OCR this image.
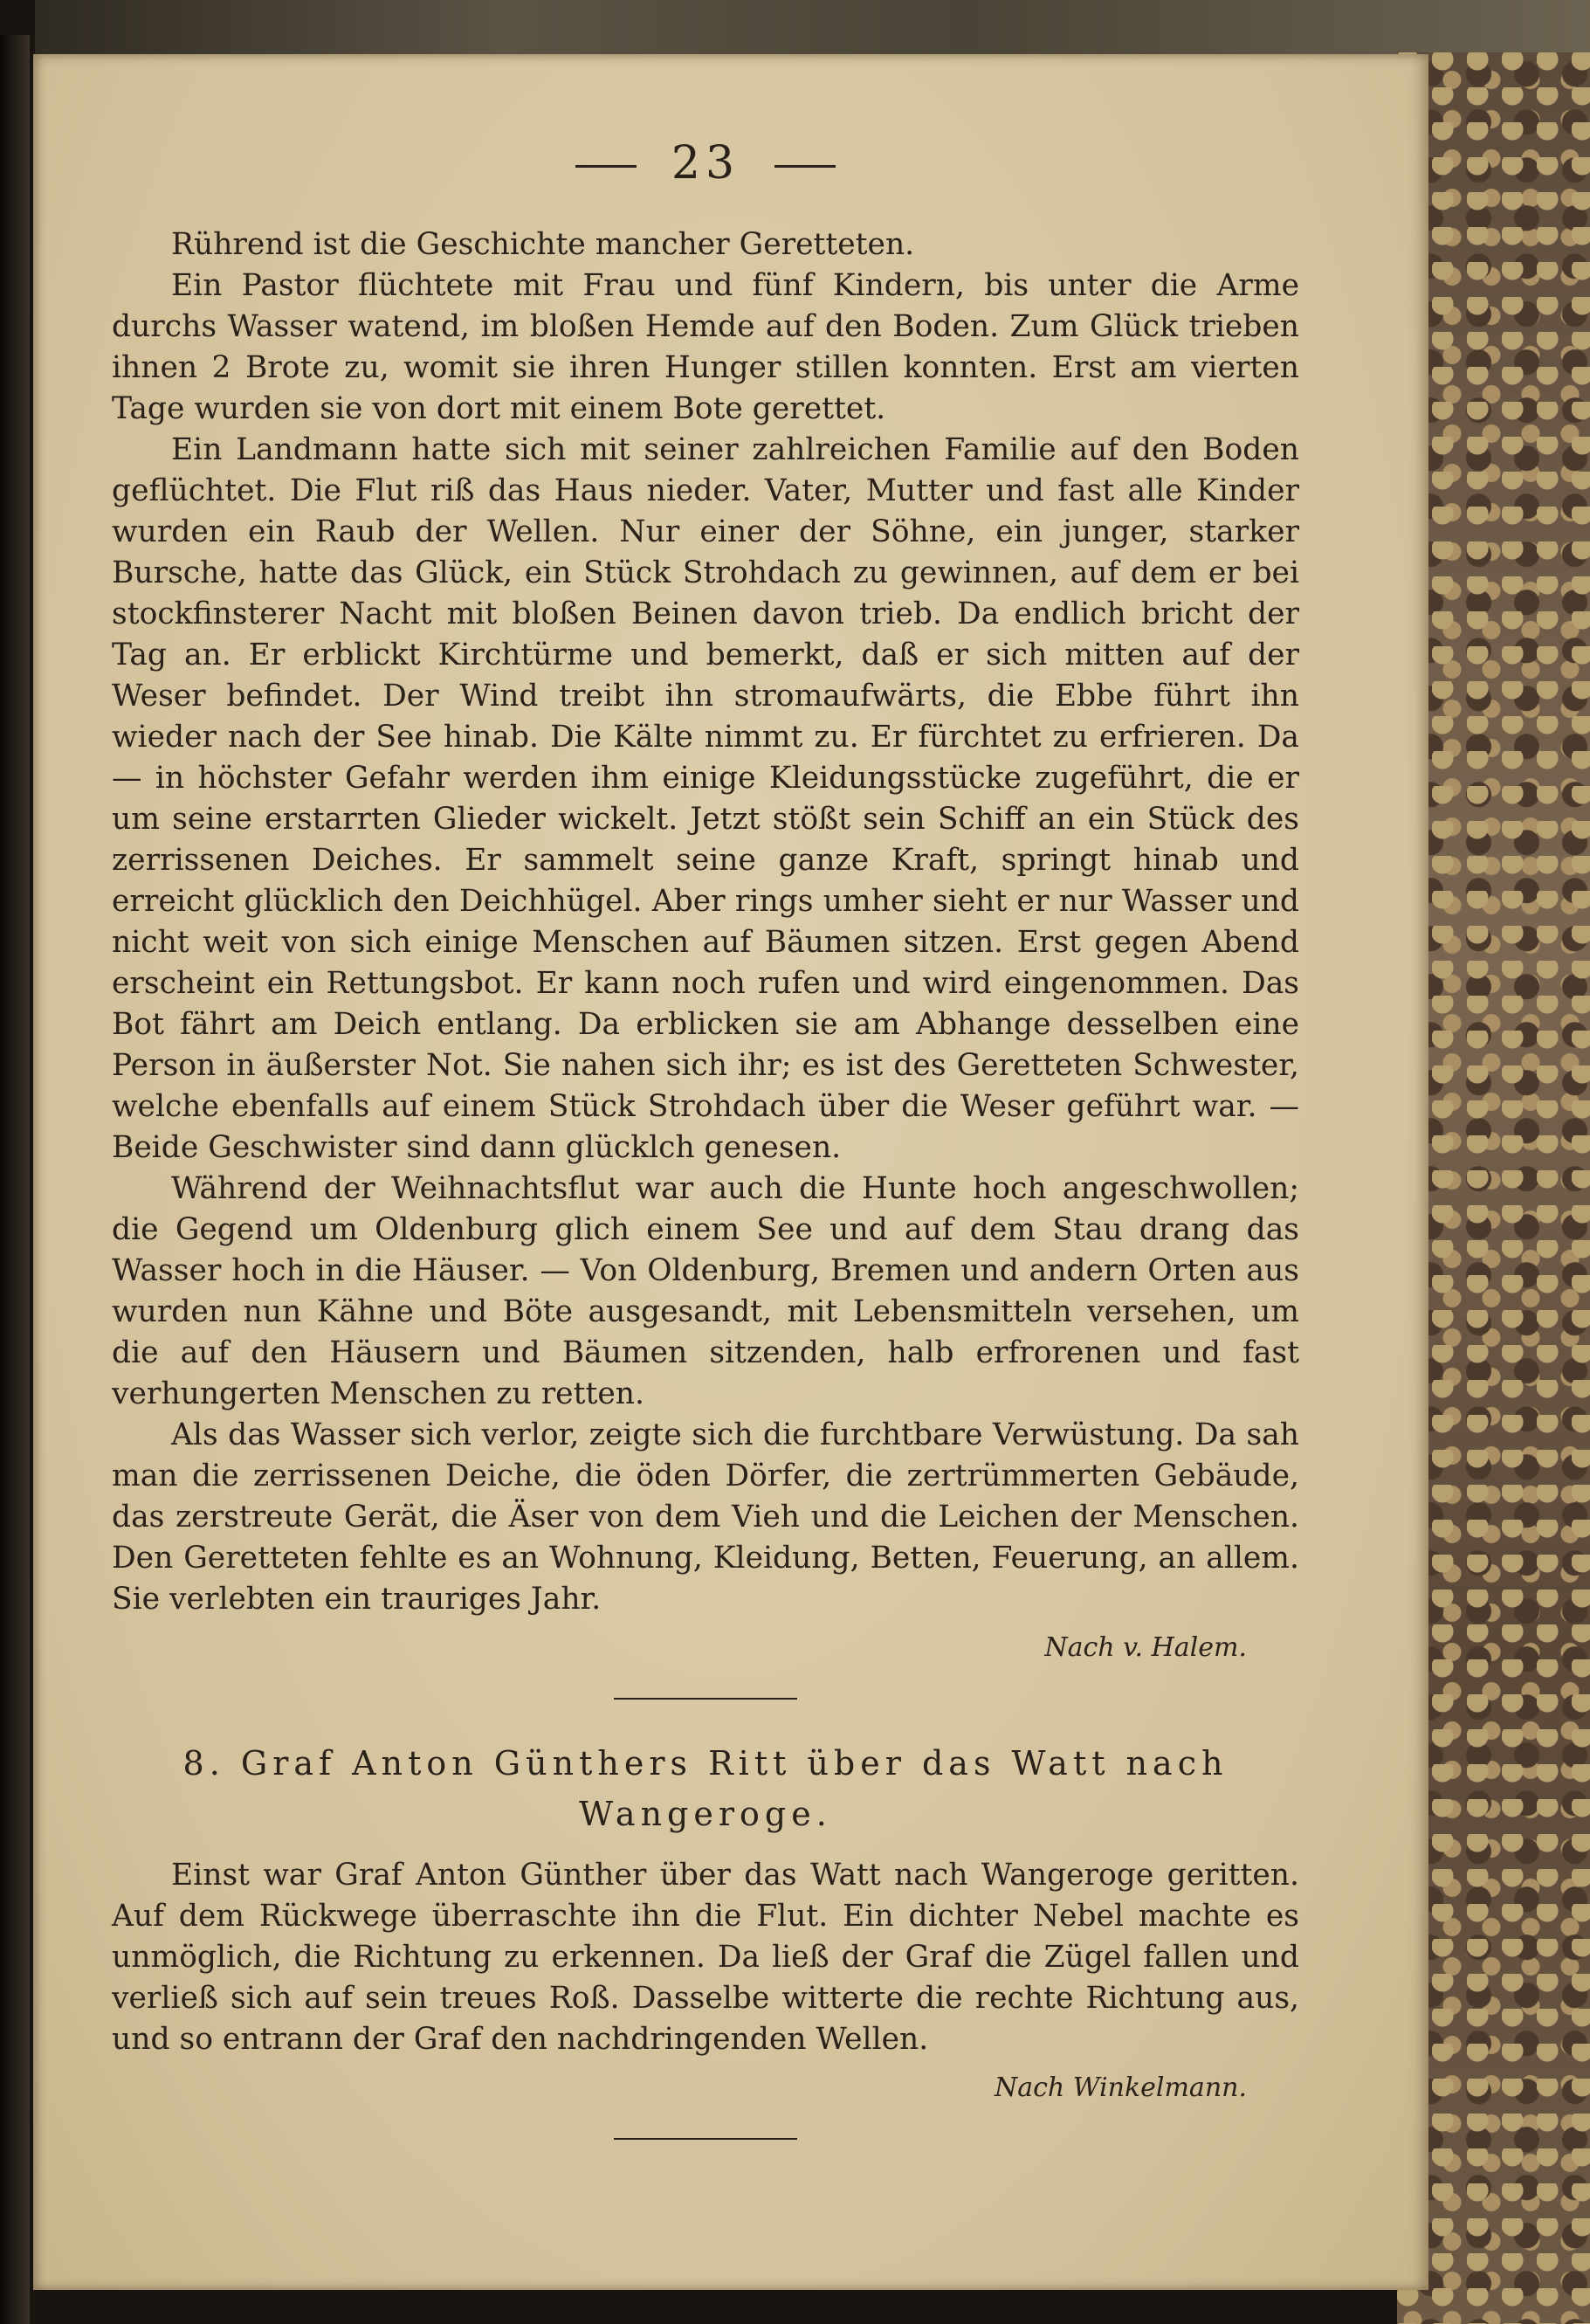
23

Rührend ist die Geschichte mancher Geretteten.

Ein Pastor flüchtete mit Frau und fünf Kindern, bis unter die Arme durchs Wasser watend, im bloßen Hemde auf den Boden. Zum Glück trieben ihnen 2 Brote zu, womit sie ihren Hunger stillen konnten. Erst am vierten Tage wurden sie von dort mit einem Bote gerettet.

Ein Landmann hatte sich mit seiner zahlreichen Familie auf den Boden geflüchtet. Die Flut riß das Haus nieder. Vater, Mutter und fast alle Kinder wurden ein Raub der Wellen. Nur einer der Söhne, ein junger, starker Bursche, hatte das Glück, ein Stück Strohdach zu gewinnen, auf dem er bei stockfinsterer Nacht mit bloßen Beinen davon trieb. Da endlich bricht der Tag an. Er erblickt Kirchtürme und bemerkt, daß er sich mitten auf der Weser befindet. Der Wind treibt ihn stromaufwärts, die Ebbe führt ihn wieder nach der See hinab. Die Kälte nimmt zu. Er fürchtet zu erfrieren. Da — in höchster Gefahr werden ihm einige Kleidungsstücke zugeführt, die er um seine erstarrten Glieder wickelt. Jetzt stößt sein Schiff an ein Stück des zerrissenen Deiches. Er sammelt seine ganze Kraft, springt hinab und erreicht glücklich den Deichhügel. Aber rings umher sieht er nur Wasser und nicht weit von sich einige Menschen auf Bäumen sitzen. Erst gegen Abend erscheint ein Rettungsbot. Er kann noch rufen und wird eingenommen. Das Bot fährt am Deich entlang. Da erblicken sie am Abhange desselben eine Person in äußerster Not. Sie nahen sich ihr; es ist des Geretteten Schwester, welche ebenfalls auf einem Stück Strohdach über die Weser geführt war. — Beide Geschwister sind dann glücklch genesen.

Während der Weihnachtsflut war auch die Hunte hoch angeschwollen; die Gegend um Oldenburg glich einem See und auf dem Stau drang das Wasser hoch in die Häuser. — Von Oldenburg, Bremen und andern Orten aus wurden nun Kähne und Böte ausgesandt, mit Lebensmitteln versehen, um die auf den Häusern und Bäumen sitzenden, halb erfrorenen und fast verhungerten Menschen zu retten.

Als das Wasser sich verlor, zeigte sich die furchtbare Verwüstung. Da sah man die zerrissenen Deiche, die öden Dörfer, die zertrümmerten Gebäude, das zerstreute Gerät, die Äser von dem Vieh und die Leichen der Menschen. Den Geretteten fehlte es an Wohnung, Kleidung, Betten, Feuerung, an allem. Sie verlebten ein trauriges Jahr.

Nach v. Halem.

8. Graf Anton Günthers Ritt über das Watt nach

Wangeroge.

Einst war Graf Anton Günther über das Watt nach Wangeroge geritten. Auf dem Rückwege überraschte ihn die Flut. Ein dichter Nebel machte es unmöglich, die Richtung zu erkennen. Da ließ der Graf die Zügel fallen und verließ sich auf sein treues Roß. Dasselbe witterte die rechte Richtung aus, und so entrann der Graf den nachdringenden Wellen.

Nach Winkelmann.
